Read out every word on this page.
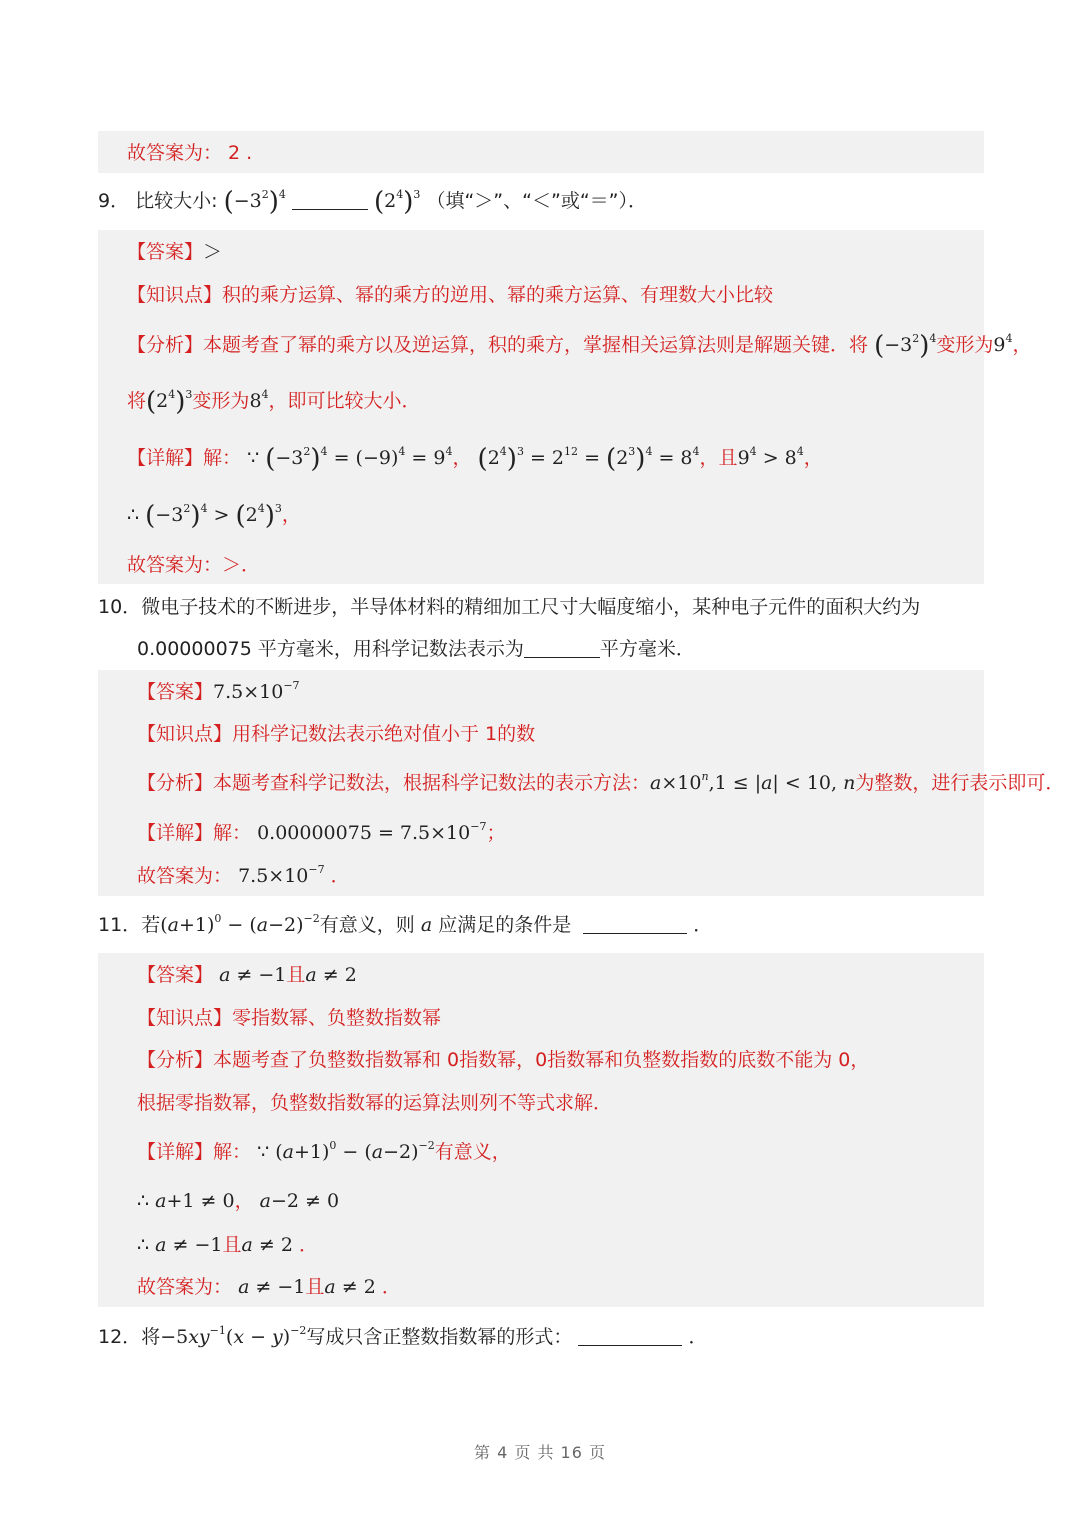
故答案为： 2 .
9． 比较大小: $(-3^2)^4$	$(2^4)^3$ （填“＞”、“＜”或“＝”）．
【答案】＞
【知识点】积的乘方运算、幂的乘方的逆用、幂的乘方运算、有理数大小比较
【分析】本题考查了幂的乘方以及逆运算，积的乘方，掌握相关运算法则是解题关键．将 $(-3^2)^4$变形为$9^4$，
将$(2^4)^3$变形为$8^4$，即可比较大小．
【详解】解： ∵ $(-3^2)^4 = (-9)^4 = 9^4$， $(2^4)^3 = 2^{12} = (2^3)^4 = 8^4$，且$9^4 > 8^4$，
∴ $(-3^2)^4 > (2^4)^3$，
故答案为：＞．
10．微电子技术的不断进步，半导体材料的精细加工尺寸大幅度缩小，某种电子元件的面积大约为
0.00000075 平方毫米，用科学记数法表示为	平方毫米．
【答案】$7.5\times 10^{-7}$
【知识点】用科学记数法表示绝对值小于 1的数
【分析】本题考查科学记数法，根据科学记数法的表示方法：$a\times 10^n,1 \le |a| < 10$, n为整数，进行表示即可．
【详解】解： $0.00000075 = 7.5\times 10^{-7}$；
故答案为： $7.5\times 10^{-7}$ ．
11．若$(a+1)^0 - (a-2)^{-2}$有意义，则 a 应满足的条件是	．
【答案】 a ≠ −1且a ≠ 2
【知识点】零指数幂、负整数指数幂
【分析】本题考查了负整数指数幂和 0指数幂，0指数幂和负整数指数的底数不能为 0，
根据零指数幂，负整数指数幂的运算法则列不等式求解．
【详解】解： ∵ $(a+1)^0 - (a-2)^{-2}$有意义，
∴ a+1 ≠ 0， a−2 ≠ 0
∴ a ≠ −1且a ≠ 2 ．
故答案为： a ≠ −1且a ≠ 2 ．
12．将$-5xy^{-1}(x - y)^{-2}$写成只含正整数指数幂的形式：	．
第 4 页 共 16 页
